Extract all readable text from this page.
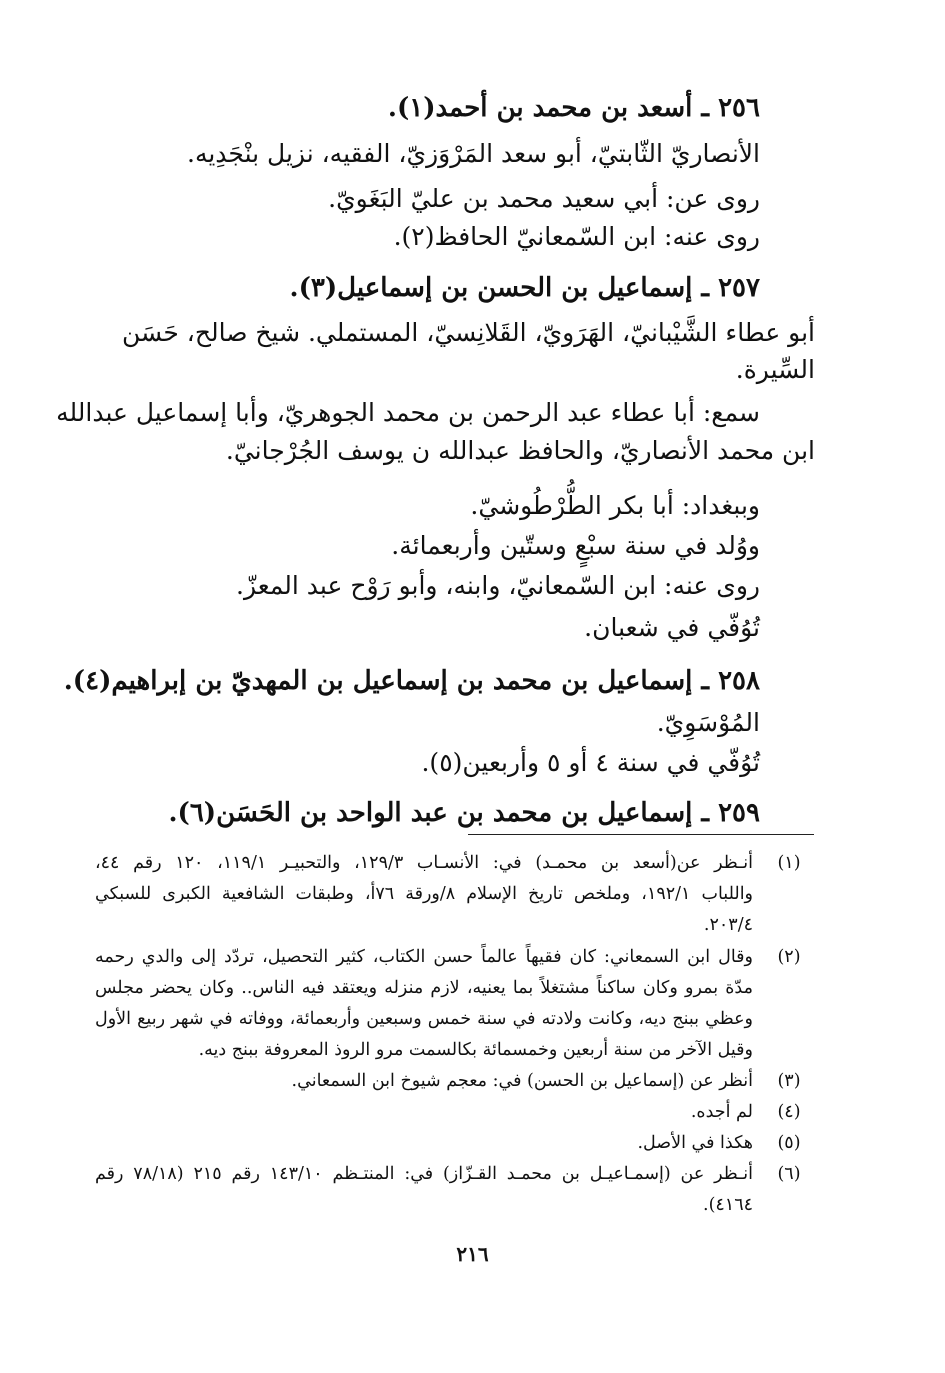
٢٥٦ ـ أسعد بن محمد بن أحمد(١).
الأنصاريّ الثّابتيّ، أبو سعد المَرْوَزيّ، الفقيه، نزيل بنْجَدِيه.
روى عن: أبي سعيد محمد بن عليّ البَغَويّ.
روى عنه: ابن السّمعانيّ الحافظ(٢).
٢٥٧ ـ إسماعيل بن الحسن بن إسماعيل(٣).
أبو عطاء الشَّيْبانيّ، الهَرَويّ، القَلانِسيّ، المستملي. شيخ صالح، حَسَن
السِّيرة.
سمع: أبا عطاء عبد الرحمن بن محمد الجوهريّ، وأبا إسماعيل عبدالله
ابن محمد الأنصاريّ، والحافظ عبدالله ن يوسف الجُرْجانيّ.
وببغداد: أبا بكر الطُّرْطُوشيّ.
ووُلد في سنة سبْعٍ وستّين وأربعمائة.
روى عنه: ابن السّمعانيّ، وابنه، وأبو رَوْح عبد المعزّ.
تُوُفّي في شعبان.
٢٥٨ ـ إسماعيل بن محمد بن إسماعيل بن المهديّ بن إبراهيم(٤).
المُوْسَوِيّ.
تُوُفّي في سنة ٤ أو ٥ وأربعين(٥).
٢٥٩ ـ إسماعيل بن محمد بن عبد الواحد بن الحَسَن(٦).
(١)
أنـظر عن(أسعد بن محمـد) في: الأنسـاب ١٢٩/٣، والتحبيـر ١١٩/١، ١٢٠ رقم ٤٤،
واللباب ١٩٢/١، وملخص تاريخ الإسلام ٨/ورقة ٧٦أ، وطبقات الشافعية الكبرى للسبكي
٢٠٣/٤.
(٢)
وقال ابن السمعاني: كان فقيهاً عالماً حسن الكتاب، كثير التحصيل، تردّد إلى والدي رحمه
مدّة بمرو وكان ساكناً مشتغلاً بما يعنيه، لازم منزله ويعتقد فيه الناس.. وكان يحضر مجلس
وعظي ببنج ديه، وكانت ولادته في سنة خمس وسبعين وأربعمائة، ووفاته في شهر ربيع الأول
وقيل الآخر من سنة أربعين وخمسمائة بكالسمت مرو الروذ المعروفة ببنج ديه.
(٣)
أنظر عن (إسماعيل بن الحسن) في: معجم شيوخ ابن السمعاني.
(٤)
لم أجده.
(٥)
هكذا في الأصل.
(٦)
أنـظر عن (إسمـاعيـل بن محمـد القـزّاز) في: المنتـظم ١٤٣/١٠ رقم ٢١٥ (٧٨/١٨ رقم
٤١٦٤).
٢١٦
